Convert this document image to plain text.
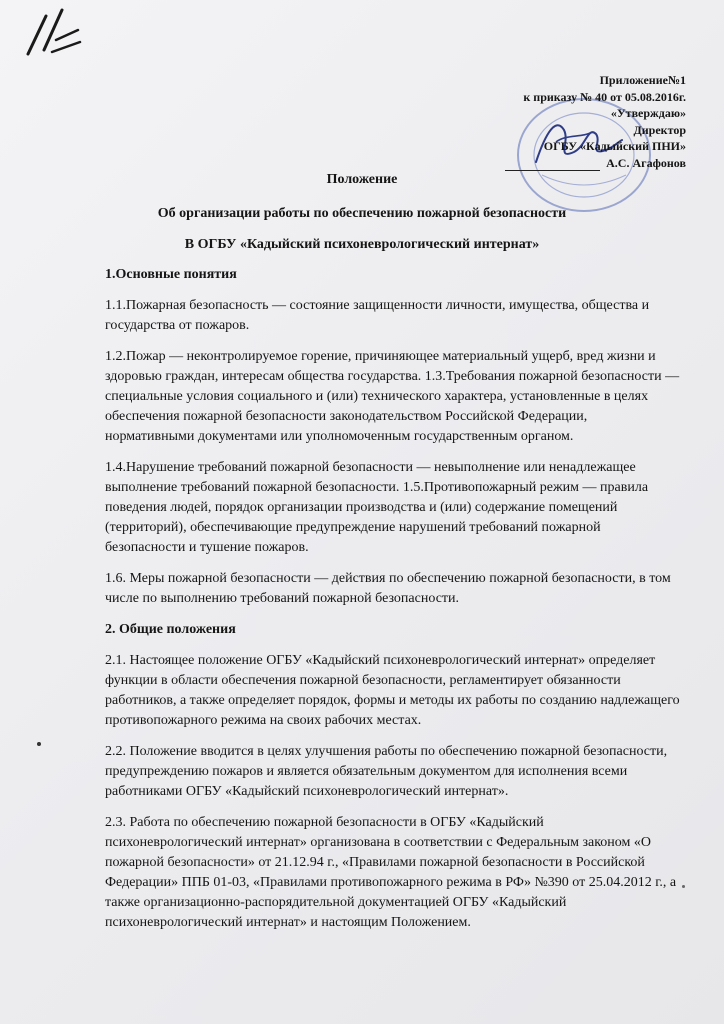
Приложение№1
к приказу № 40 от 05.08.2016г.
«Утверждаю»
Директор
ОГБУ «Кадыйский ПНИ»
А.С. Агафонов
Положение
Об организации работы по обеспечению пожарной безопасности
В ОГБУ «Кадыйский психоневрологический интернат»
1.Основные понятия

1.1.Пожарная безопасность — состояние защищенности личности, имущества, общества и государства от пожаров.

1.2.Пожар — неконтролируемое горение, причиняющее материальный ущерб, вред жизни и здоровью граждан, интересам общества государства. 1.3.Требования пожарной безопасности — специальные условия социального и (или) технического характера, установленные в целях обеспечения пожарной безопасности законодательством Российской Федерации, нормативными документами или уполномоченным государственным органом.

1.4.Нарушение требований пожарной безопасности — невыполнение или ненадлежащее выполнение требований пожарной безопасности. 1.5.Противопожарный режим — правила поведения людей, порядок организации производства и (или) содержание помещений (территорий), обеспечивающие предупреждение нарушений требований пожарной безопасности и тушение пожаров.

1.6. Меры пожарной безопасности — действия по обеспечению пожарной безопасности, в том числе по выполнению требований пожарной безопасности.

2. Общие положения

2.1. Настоящее положение ОГБУ «Кадыйский психоневрологический интернат» определяет функции в области обеспечения пожарной безопасности, регламентирует обязанности работников, а также определяет порядок, формы и методы их работы по созданию надлежащего противопожарного режима на своих рабочих местах.

2.2. Положение вводится в целях улучшения работы по обеспечению пожарной безопасности, предупреждению пожаров и является обязательным документом для исполнения всеми работниками ОГБУ «Кадыйский психоневрологический интернат».

2.3. Работа по обеспечению пожарной безопасности в ОГБУ «Кадыйский психоневрологический интернат» организована в соответствии с Федеральным законом «О пожарной безопасности» от 21.12.94 г., «Правилами пожарной безопасности в Российской Федерации» ППБ 01-03, «Правилами противопожарного режима в РФ» №390 от 25.04.2012 г., а также организационно-распорядительной документацией ОГБУ «Кадыйский психоневрологический интернат» и настоящим Положением.
